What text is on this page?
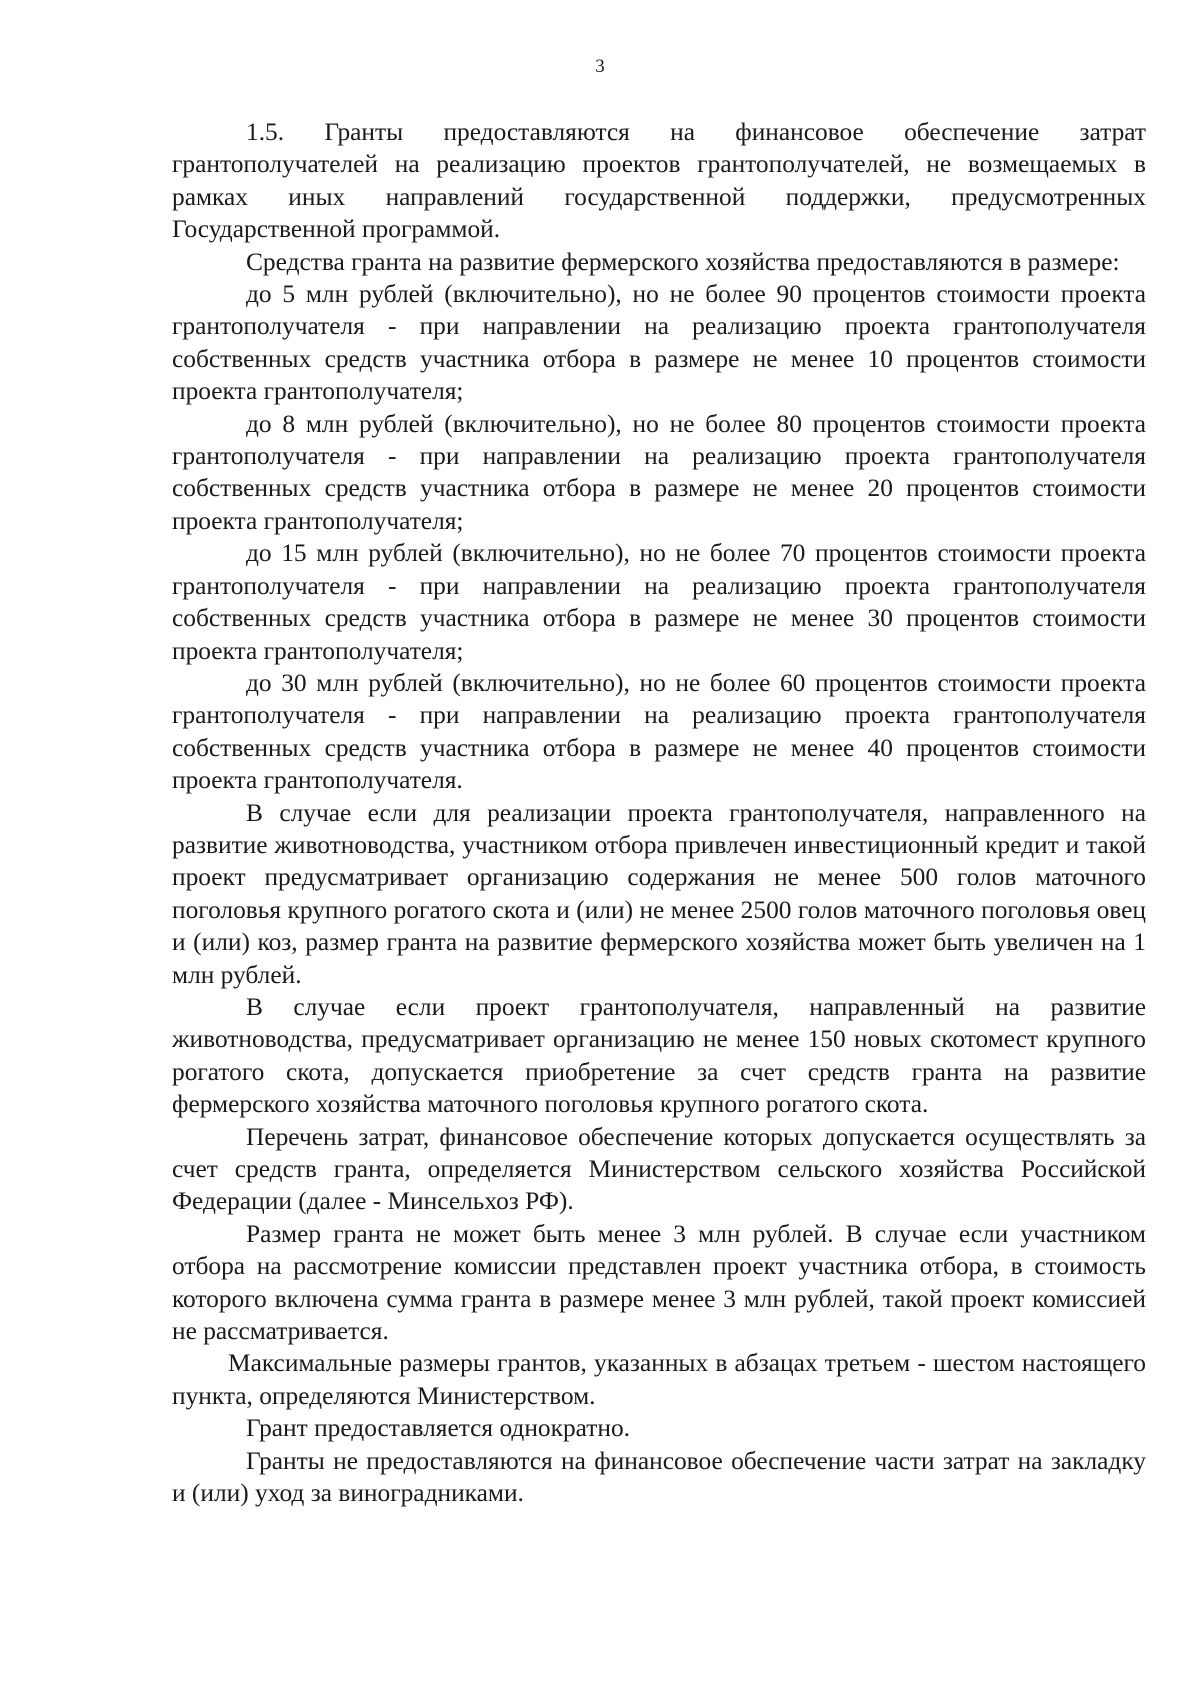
3

1.5. Гранты предоставляются на финансовое обеспечение затрат грантополучателей на реализацию проектов грантополучателей, не возмещаемых в рамках иных направлений государственной поддержки, предусмотренных Государственной программой.

Средства гранта на развитие фермерского хозяйства предоставляются в размере:

до 5 млн рублей (включительно), но не более 90 процентов стоимости проекта грантополучателя - при направлении на реализацию проекта грантополучателя собственных средств участника отбора в размере не менее 10 процентов стоимости проекта грантополучателя;

до 8 млн рублей (включительно), но не более 80 процентов стоимости проекта грантополучателя - при направлении на реализацию проекта грантополучателя собственных средств участника отбора в размере не менее 20 процентов стоимости проекта грантополучателя;

до 15 млн рублей (включительно), но не более 70 процентов стоимости проекта грантополучателя - при направлении на реализацию проекта грантополучателя собственных средств участника отбора в размере не менее 30 процентов стоимости проекта грантополучателя;

до 30 млн рублей (включительно), но не более 60 процентов стоимости проекта грантополучателя - при направлении на реализацию проекта грантополучателя собственных средств участника отбора в размере не менее 40 процентов стоимости проекта грантополучателя.

В случае если для реализации проекта грантополучателя, направленного на развитие животноводства, участником отбора привлечен инвестиционный кредит и такой проект предусматривает организацию содержания не менее 500 голов маточного поголовья крупного рогатого скота и (или) не менее 2500 голов маточного поголовья овец и (или) коз, размер гранта на развитие фермерского хозяйства может быть увеличен на 1 млн рублей.

В случае если проект грантополучателя, направленный на развитие животноводства, предусматривает организацию не менее 150 новых скотомест крупного рогатого скота, допускается приобретение за счет средств гранта на развитие фермерского хозяйства маточного поголовья крупного рогатого скота.

Перечень затрат, финансовое обеспечение которых допускается осуществлять за счет средств гранта, определяется Министерством сельского хозяйства Российской Федерации (далее - Минсельхоз РФ).

Размер гранта не может быть менее 3 млн рублей. В случае если участником отбора на рассмотрение комиссии представлен проект участника отбора, в стоимость которого включена сумма гранта в размере менее 3 млн рублей, такой проект комиссией не рассматривается.

Максимальные размеры грантов, указанных в абзацах третьем - шестом настоящего пункта, определяются Министерством.

Грант предоставляется однократно.

Гранты не предоставляются на финансовое обеспечение части затрат на закладку и (или) уход за виноградниками.
